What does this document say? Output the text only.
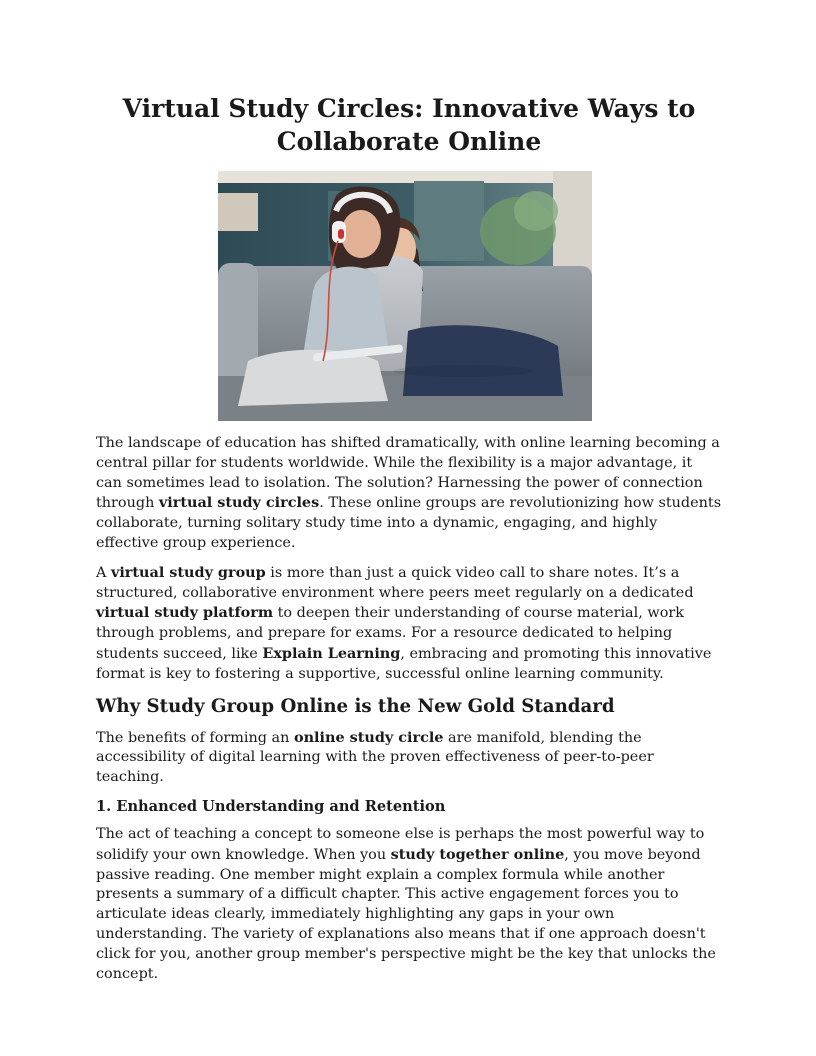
Virtual Study Circles: Innovative Ways to Collaborate Online

The landscape of education has shifted dramatically, with online learning becoming a central pillar for students worldwide. While the flexibility is a major advantage, it can sometimes lead to isolation. The solution? Harnessing the power of connection through virtual study circles. These online groups are revolutionizing how students collaborate, turning solitary study time into a dynamic, engaging, and highly effective group experience.

A virtual study group is more than just a quick video call to share notes. It’s a structured, collaborative environment where peers meet regularly on a dedicated virtual study platform to deepen their understanding of course material, work through problems, and prepare for exams. For a resource dedicated to helping students succeed, like Explain Learning, embracing and promoting this innovative format is key to fostering a supportive, successful online learning community.

Why Study Group Online is the New Gold Standard

The benefits of forming an online study circle are manifold, blending the accessibility of digital learning with the proven effectiveness of peer-to-peer teaching.

1. Enhanced Understanding and Retention

The act of teaching a concept to someone else is perhaps the most powerful way to solidify your own knowledge. When you study together online, you move beyond passive reading. One member might explain a complex formula while another presents a summary of a difficult chapter. This active engagement forces you to articulate ideas clearly, immediately highlighting any gaps in your own understanding. The variety of explanations also means that if one approach doesn't click for you, another group member's perspective might be the key that unlocks the concept.
